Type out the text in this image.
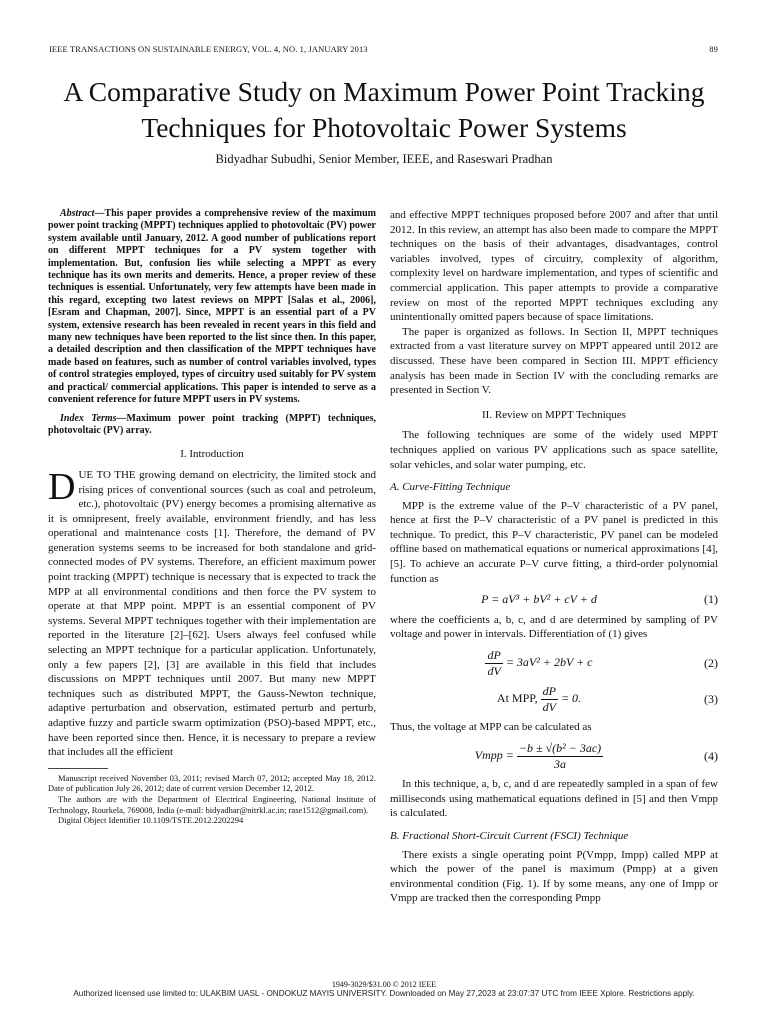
IEEE TRANSACTIONS ON SUSTAINABLE ENERGY, VOL. 4, NO. 1, JANUARY 2013	89
A Comparative Study on Maximum Power Point Tracking Techniques for Photovoltaic Power Systems
Bidyadhar Subudhi, Senior Member, IEEE, and Raseswari Pradhan

Abstract—This paper provides a comprehensive review of the maximum power point tracking (MPPT) techniques applied to photovoltaic (PV) power system available until January, 2012. A good number of publications report on different MPPT techniques for a PV system together with implementation. But, confusion lies while selecting a MPPT as every technique has its own merits and demerits. Hence, a proper review of these techniques is essential. Unfortunately, very few attempts have been made in this regard, excepting two latest reviews on MPPT [Salas et al., 2006], [Esram and Chapman, 2007]. Since, MPPT is an essential part of a PV system, extensive research has been revealed in recent years in this field and many new techniques have been reported to the list since then. In this paper, a detailed description and then classification of the MPPT techniques have made based on features, such as number of control variables involved, types of control strategies employed, types of circuitry used suitably for PV system and practical/ commercial applications. This paper is intended to serve as a convenient reference for future MPPT users in PV systems.

Index Terms—Maximum power point tracking (MPPT) techniques, photovoltaic (PV) array.

I. Introduction

DUE TO THE growing demand on electricity, the limited stock and rising prices of conventional sources (such as coal and petroleum, etc.), photovoltaic (PV) energy becomes a promising alternative as it is omnipresent, freely available, environment friendly, and has less operational and maintenance costs [1]. Therefore, the demand of PV generation systems seems to be increased for both standalone and grid-connected modes of PV systems. Therefore, an efficient maximum power point tracking (MPPT) technique is necessary that is expected to track the MPP at all environmental conditions and then force the PV system to operate at that MPP point. MPPT is an essential component of PV systems. Several MPPT techniques together with their implementation are reported in the literature [2]–[62]. Users always feel confused while selecting an MPPT technique for a particular application. Unfortunately, only a few papers [2], [3] are available in this field that includes discussions on MPPT techniques until 2007. But many new MPPT techniques such as distributed MPPT, the Gauss-Newton technique, adaptive perturbation and observation, estimated perturb and perturb, adaptive fuzzy and particle swarm optimization (PSO)-based MPPT, etc., have been reported since then. Hence, it is necessary to prepare a review that includes all the efficient

Manuscript received November 03, 2011; revised March 07, 2012; accepted May 18, 2012. Date of publication July 26, 2012; date of current version December 12, 2012.

The authors are with the Department of Electrical Engineering, National Institute of Technology, Rourkela, 769008, India (e-mail: bidyadhar@nitrkl.ac.in; rase1512@gmail.com).

Digital Object Identifier 10.1109/TSTE.2012.2202294

and effective MPPT techniques proposed before 2007 and after that until 2012. In this review, an attempt has also been made to compare the MPPT techniques on the basis of their advantages, disadvantages, control variables involved, types of circuitry, complexity of algorithm, complexity level on hardware implementation, and types of scientific and commercial application. This paper attempts to provide a comparative review on most of the reported MPPT techniques excluding any unintentionally omitted papers because of space limitations.

The paper is organized as follows. In Section II, MPPT techniques extracted from a vast literature survey on MPPT appeared until 2012 are discussed. These have been compared in Section III. MPPT efficiency analysis has been made in Section IV with the concluding remarks are presented in Section V.

II. Review on MPPT Techniques

The following techniques are some of the widely used MPPT techniques applied on various PV applications such as space satellite, solar vehicles, and solar water pumping, etc.

A. Curve-Fitting Technique

MPP is the extreme value of the P–V characteristic of a PV panel, hence at first the P–V characteristic of a PV panel is predicted in this technique. To predict, this P–V characteristic, PV panel can be modeled offline based on mathematical equations or numerical approximations [4], [5]. To achieve an accurate P–V curve fitting, a third-order polynomial function as

P = aV³ + bV² + cV + d	(1)

where the coefficients a, b, c, and d are determined by sampling of PV voltage and power in intervals. Differentiation of (1) gives

$\frac{dP}{dV} = 3aV^2 + 2bV + c$	(2)
At MPP, $\frac{dP}{dV} = 0$.	(3)

Thus, the voltage at MPP can be calculated as

Vmpp = $\frac{\text{−b ± √(b² − 3ac)}}{3a}$	(4)

In this technique, a, b, c, and d are repeatedly sampled in a span of few milliseconds using mathematical equations defined in [5] and then Vmpp is calculated.

B. Fractional Short-Circuit Current (FSCI) Technique

There exists a single operating point P(Vmpp, Impp) called MPP at which the power of the panel is maximum (Pmpp) at a given environmental condition (Fig. 1). If by some means, any one of Impp or Vmpp are tracked then the corresponding Pmpp

1949-3029/$31.00 © 2012 IEEE
Authorized licensed use limited to: ULAKBIM UASL - ONDOKUZ MAYIS UNIVERSITY. Downloaded on May 27,2023 at 23:07:37 UTC from IEEE Xplore. Restrictions apply.
